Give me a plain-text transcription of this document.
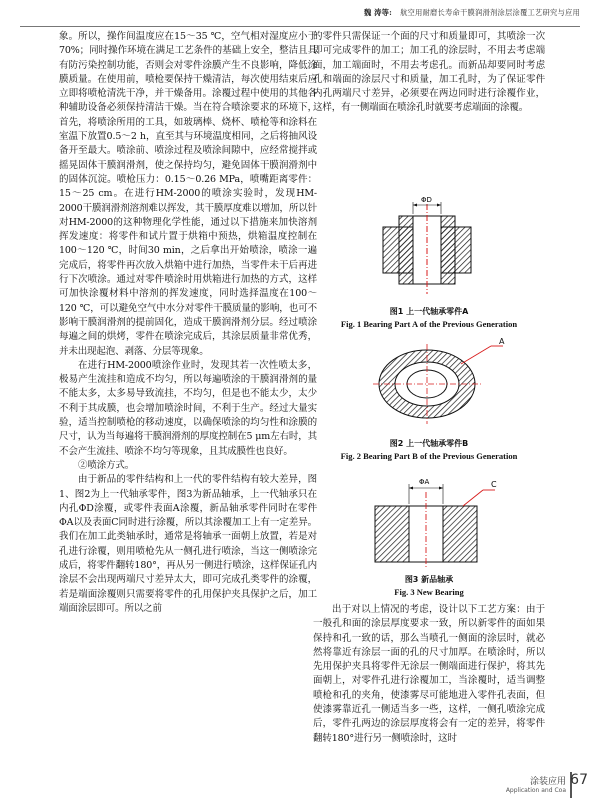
魏 涛等: 航空用耐磨长寿命干膜润滑剂涂层涂覆工艺研究与应用

象。所以，操作间温度应在15～35 ℃，空气相对湿度应小于70%；同时操作环境在满足工艺条件的基础上安全，整洁且具有防污染控制功能，否则会对零件涂膜产生不良影响，降低涂膜质量。在使用前，喷枪要保持干燥清洁，每次使用结束后应立即将喷枪清洗干净，并干燥备用。涂覆过程中使用的其他各种辅助设备必须保持清洁干燥。当在符合喷涂要求的环境下，首先，将喷涂所用的工具，如玻璃棒、烧杯、喷枪等和涂料在室温下放置0.5～2 h，直至其与环境温度相同，之后将抽风设备开至最大。喷涂前、喷涂过程及喷涂间隙中，应经常搅拌或摇晃固体干膜润滑剂，使之保持均匀，避免固体干膜润滑剂中的固体沉淀。喷枪压力：0.15～0.26 MPa，喷嘴距离零件：15～25 cm。在进行HM-2000的喷涂实验时，发现HM-2000干膜润滑剂溶剂难以挥发，其干膜厚度难以增加，所以针对HM-2000的这种物理化学性能，通过以下措施来加快溶剂挥发速度：将零件和试片置于烘箱中预热，烘箱温度控制在100～120 ℃，时间30 min，之后拿出开始喷涂，喷涂一遍完成后，将零件再次放入烘箱中进行加热，当零件未干后再进行下次喷涂。通过对零件喷涂时用烘箱进行加热的方式，这样可加快涂覆材料中溶剂的挥发速度，同时选择温度在100～120 ℃，可以避免空气中水分对零件干膜质量的影响，也可不影响干膜润滑剂的提前固化，造成干膜润滑剂分层。经过喷涂每遍之间的烘烤，零件在喷涂完成后，其涂层质量非常优秀，并未出现起泡、剥落、分层等现象。

在进行HM-2000喷涂作业时，发现其若一次性喷太多，极易产生流挂和造成不均匀，所以每遍喷涂的干膜润滑剂的量不能太多，太多易导致流挂，不均匀，但是也不能太少，太少不利于其成膜，也会增加喷涂时间，不利于生产。经过大量实验，适当控制喷枪的移动速度，以确保喷涂的均匀性和涂膜的尺寸，认为当每遍将干膜润滑剂的厚度控制在5 μm左右时，其不会产生流挂、喷涂不均匀等现象，且其成膜性也良好。

②喷涂方式。

由于新品的零件结构和上一代的零件结构有较大差异，图1、图2为上一代轴承零件，图3为新品轴承，上一代轴承只在内孔ΦD涂覆，或零件表面A涂覆，新品轴承零件同时在零件ΦA以及表面C同时进行涂覆，所以其涂覆加工上有一定差异。我们在加工此类轴承时，通常是将轴承一面朝上放置，若是对孔进行涂覆，则用喷枪先从一侧孔进行喷涂，当这一侧喷涂完成后，将零件翻转180°，再从另一侧进行喷涂，这样保证孔内涂层不会出现两端尺寸差异太大，即可完成孔类零件的涂覆，若是端面涂覆则只需要将零件的孔用保护夹具保护之后，加工端面涂层即可。所以之前

的零件只需保证一个面的尺寸和质量即可，其喷涂一次即可完成零件的加工；加工孔的涂层时，不用去考虑端面，加工端面时，不用去考虑孔。而新品却要同时考虑孔和端面的涂层尺寸和质量，加工孔时，为了保证零件内孔两端尺寸差异，必须要在两边同时进行涂覆作业，这样，有一侧端面在喷涂孔时就要考虑端面的涂覆。

ΦD
图1 上一代轴承零件A
Fig. 1 Bearing Part A of the Previous Generation
A
图2 上一代轴承零件B
Fig. 2 Bearing Part B of the Previous Generation
ΦA	C
图3 新品轴承
Fig. 3 New Bearing

出于对以上情况的考虑，设计以下工艺方案：由于一般孔和面的涂层厚度要求一致，所以新零件的面如果保持和孔一致的话，那么当喷孔一侧面的涂层时，就必然将靠近有涂层一面的孔的尺寸加厚。在喷涂时，所以先用保护夹具将零件无涂层一侧端面进行保护，将其先面朝上，对零件孔进行涂覆加工，当涂覆时，适当调整喷枪和孔的夹角，使漆雾尽可能地进入零件孔表面，但使漆雾靠近孔一侧适当多一些，这样，一侧孔喷涂完成后，零件孔两边的涂层厚度将会有一定的差异，将零件翻转180°进行另一侧喷涂时，这时

涂装应用
Application and Coa
67
